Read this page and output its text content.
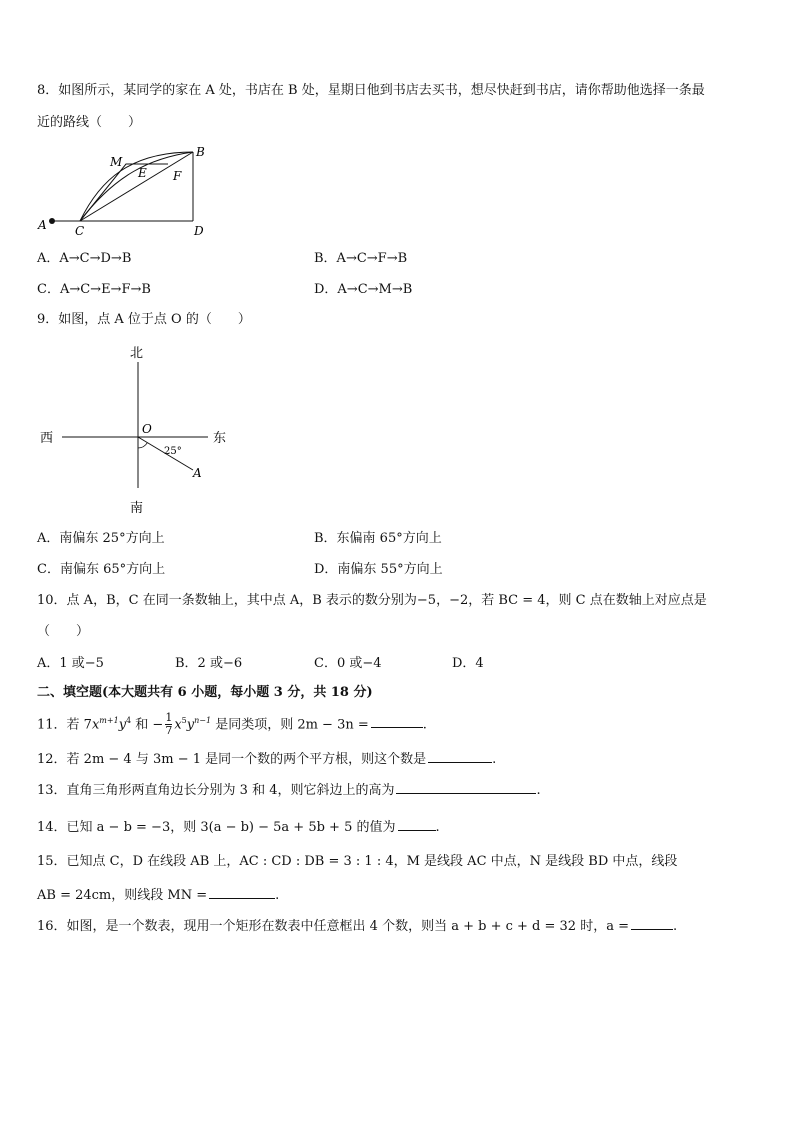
8．如图所示，某同学的家在 A 处，书店在 B 处，星期日他到书店去买书，想尽快赶到书店，请你帮助他选择一条最
近的路线（　　）
A
B
C	D
E F
M
A．A→C→D→B	B．A→C→F→B
C．A→C→E→F→B	D．A→C→M→B
9．如图，点 A 位于点 O 的（　　）
北
南
东
西
O
A
25°
A．南偏东 25°方向上	B．东偏南 65°方向上
C．南偏东 65°方向上	D．南偏东 55°方向上
10．点 A，B，C 在同一条数轴上，其中点 A，B 表示的数分别为−5，−2，若 BC = 4，则 C 点在数轴上对应点是
（　　）
A．1 或−5	B．2 或−6	C．0 或−4	D．4
二、填空题(本大题共有 6 小题，每小题 3 分，共 18 分)
11．若 $7x^{m+1}y^4$ 和 − $\frac{1}{7} x^5y^{n-1}$ 是同类项，则 2m − 3n =	.
12．若 2m − 4 与 3m − 1 是同一个数的两个平方根，则这个数是	.
13．直角三角形两直角边长分别为 3 和 4，则它斜边上的高为	.
14．已知 a − b = −3，则 3(a − b) − 5a + 5b + 5 的值为	.
15．已知点 C，D 在线段 AB 上，AC : CD : DB = 3 : 1 : 4，M 是线段 AC 中点，N 是线段 BD 中点，线段
AB = 24cm，则线段 MN =	.
16．如图，是一个数表，现用一个矩形在数表中任意框出 4 个数，则当 a + b + c + d = 32 时，a =	.
